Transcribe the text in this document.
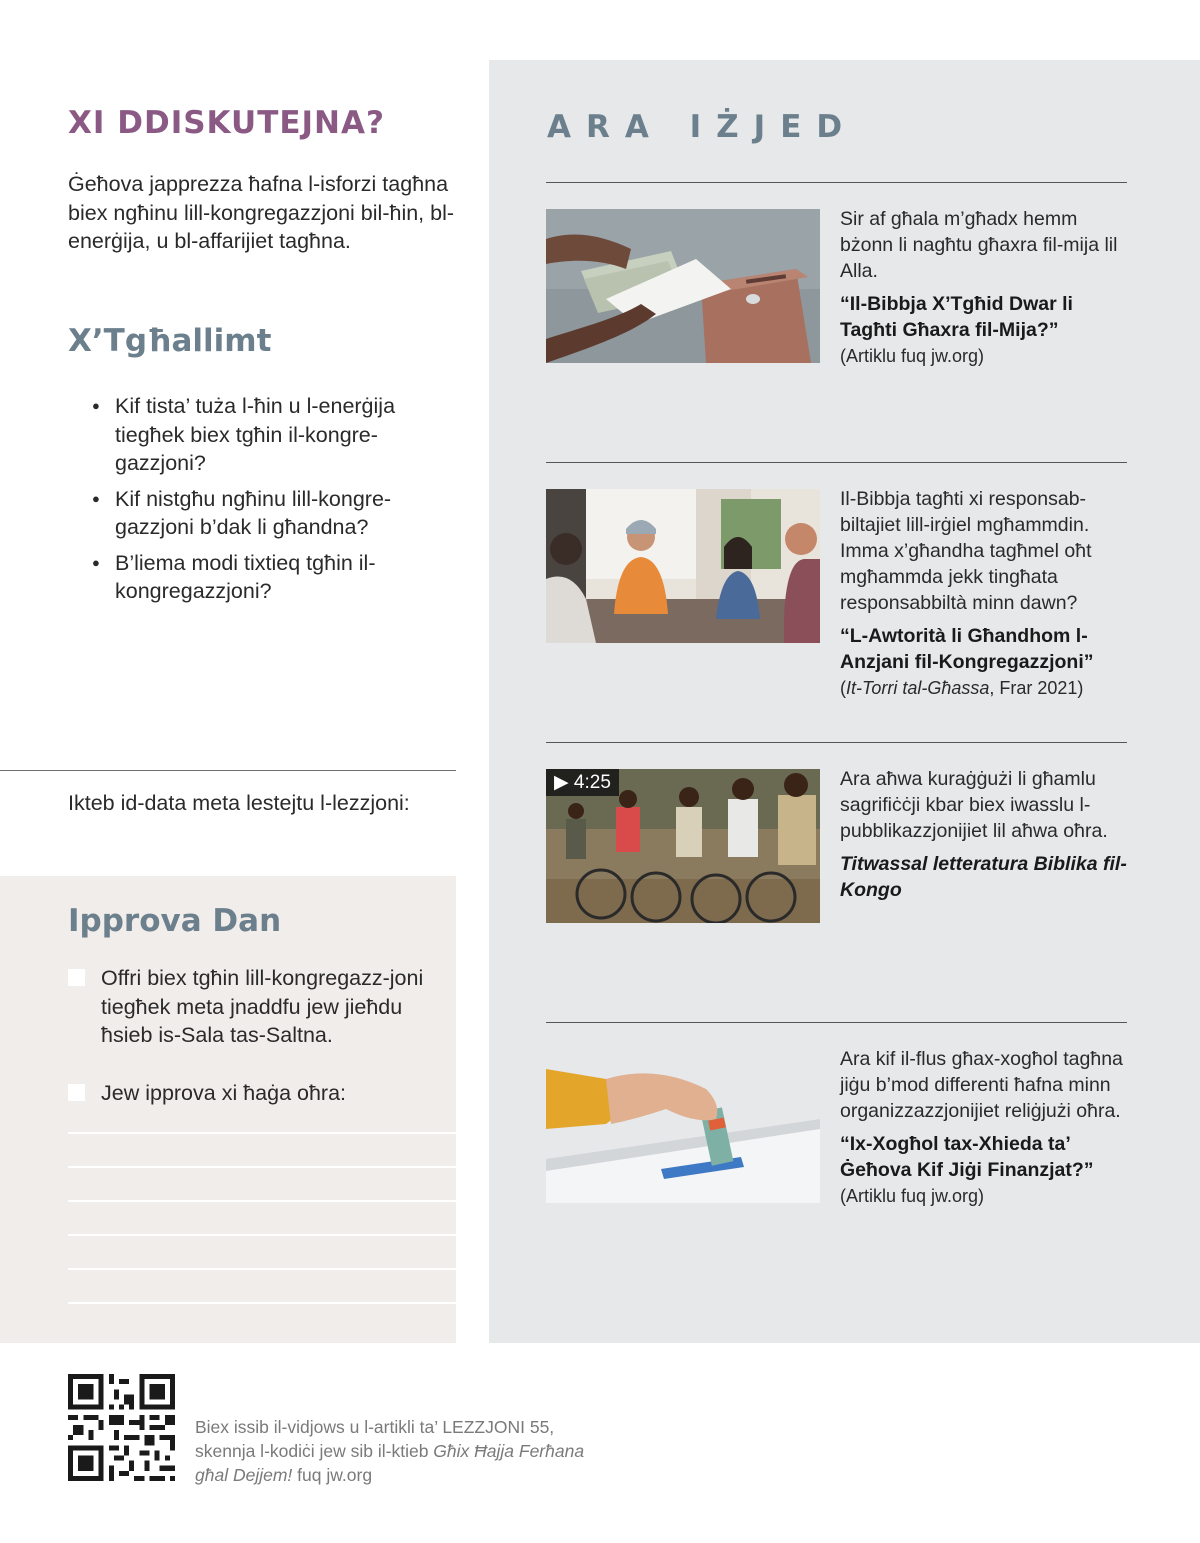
XI DDISKUTEJNA?

Ġeħova japprezza ħafna l-isforzi tagħna biex ngħinu lill-kongregazzjoni bil-ħin, bl-enerġija, u bl-affarijiet tagħna.

X’Tgħallimt
● Kif tista’ tuża l-ħin u l-enerġija tiegħek biex tgħin il-kongre-gazzjoni?
● Kif nistgħu ngħinu lill-kongre-gazzjoni b’dak li għandna?
● B’liema modi tixtieq tgħin il-kongregazzjoni?

Ikteb id-data meta lestejtu l-lezzjoni:

Ipprova Dan
Offri biex tgħin lill-kongregazz-joni tiegħek meta jnaddfu jew jieħdu ħsieb is-Sala tas-Saltna.
Jew ipprova xi ħaġa oħra:
ARA IŻJED

Sir af għala m’għadx hemm bżonn li nagħtu għaxra fil-mija lil Alla.

“Il-Bibbja X’Tgħid Dwar li Tagħti Għaxra fil-Mija?”

(Artiklu fuq jw.org)

Il-Bibbja tagħti xi responsab-biltajiet lill-irġiel mgħammdin. Imma x’għandha tagħmel oħt mgħammda jekk tingħata responsabbiltà minn dawn?

“L-Awtorità li Għandhom l-Anzjani fil-Kongregazzjoni”

(It-Torri tal-Għassa, Frar 2021)

▶ 4:25	Ara aħwa kuraġġużi li għamlu sagrifiċċji kbar biex iwasslu l-pubblikazzjonijiet lil aħwa oħra.

Titwassal letteratura Biblika fil-Kongo

Ara kif il-flus għax-xogħol tagħna jiġu b’mod differenti ħafna minn organizzazzjonijiet reliġjużi oħra.

“Ix-Xogħol tax-Xhieda ta’ Ġeħova Kif Jiġi Finanzjat?”

(Artiklu fuq jw.org)

Biex issib il-vidjows u l-artikli ta’ LEZZJONI 55,
skennja l-kodiċi jew sib il-ktieb Għix Ħajja Ferħana
għal Dejjem! fuq jw.org
